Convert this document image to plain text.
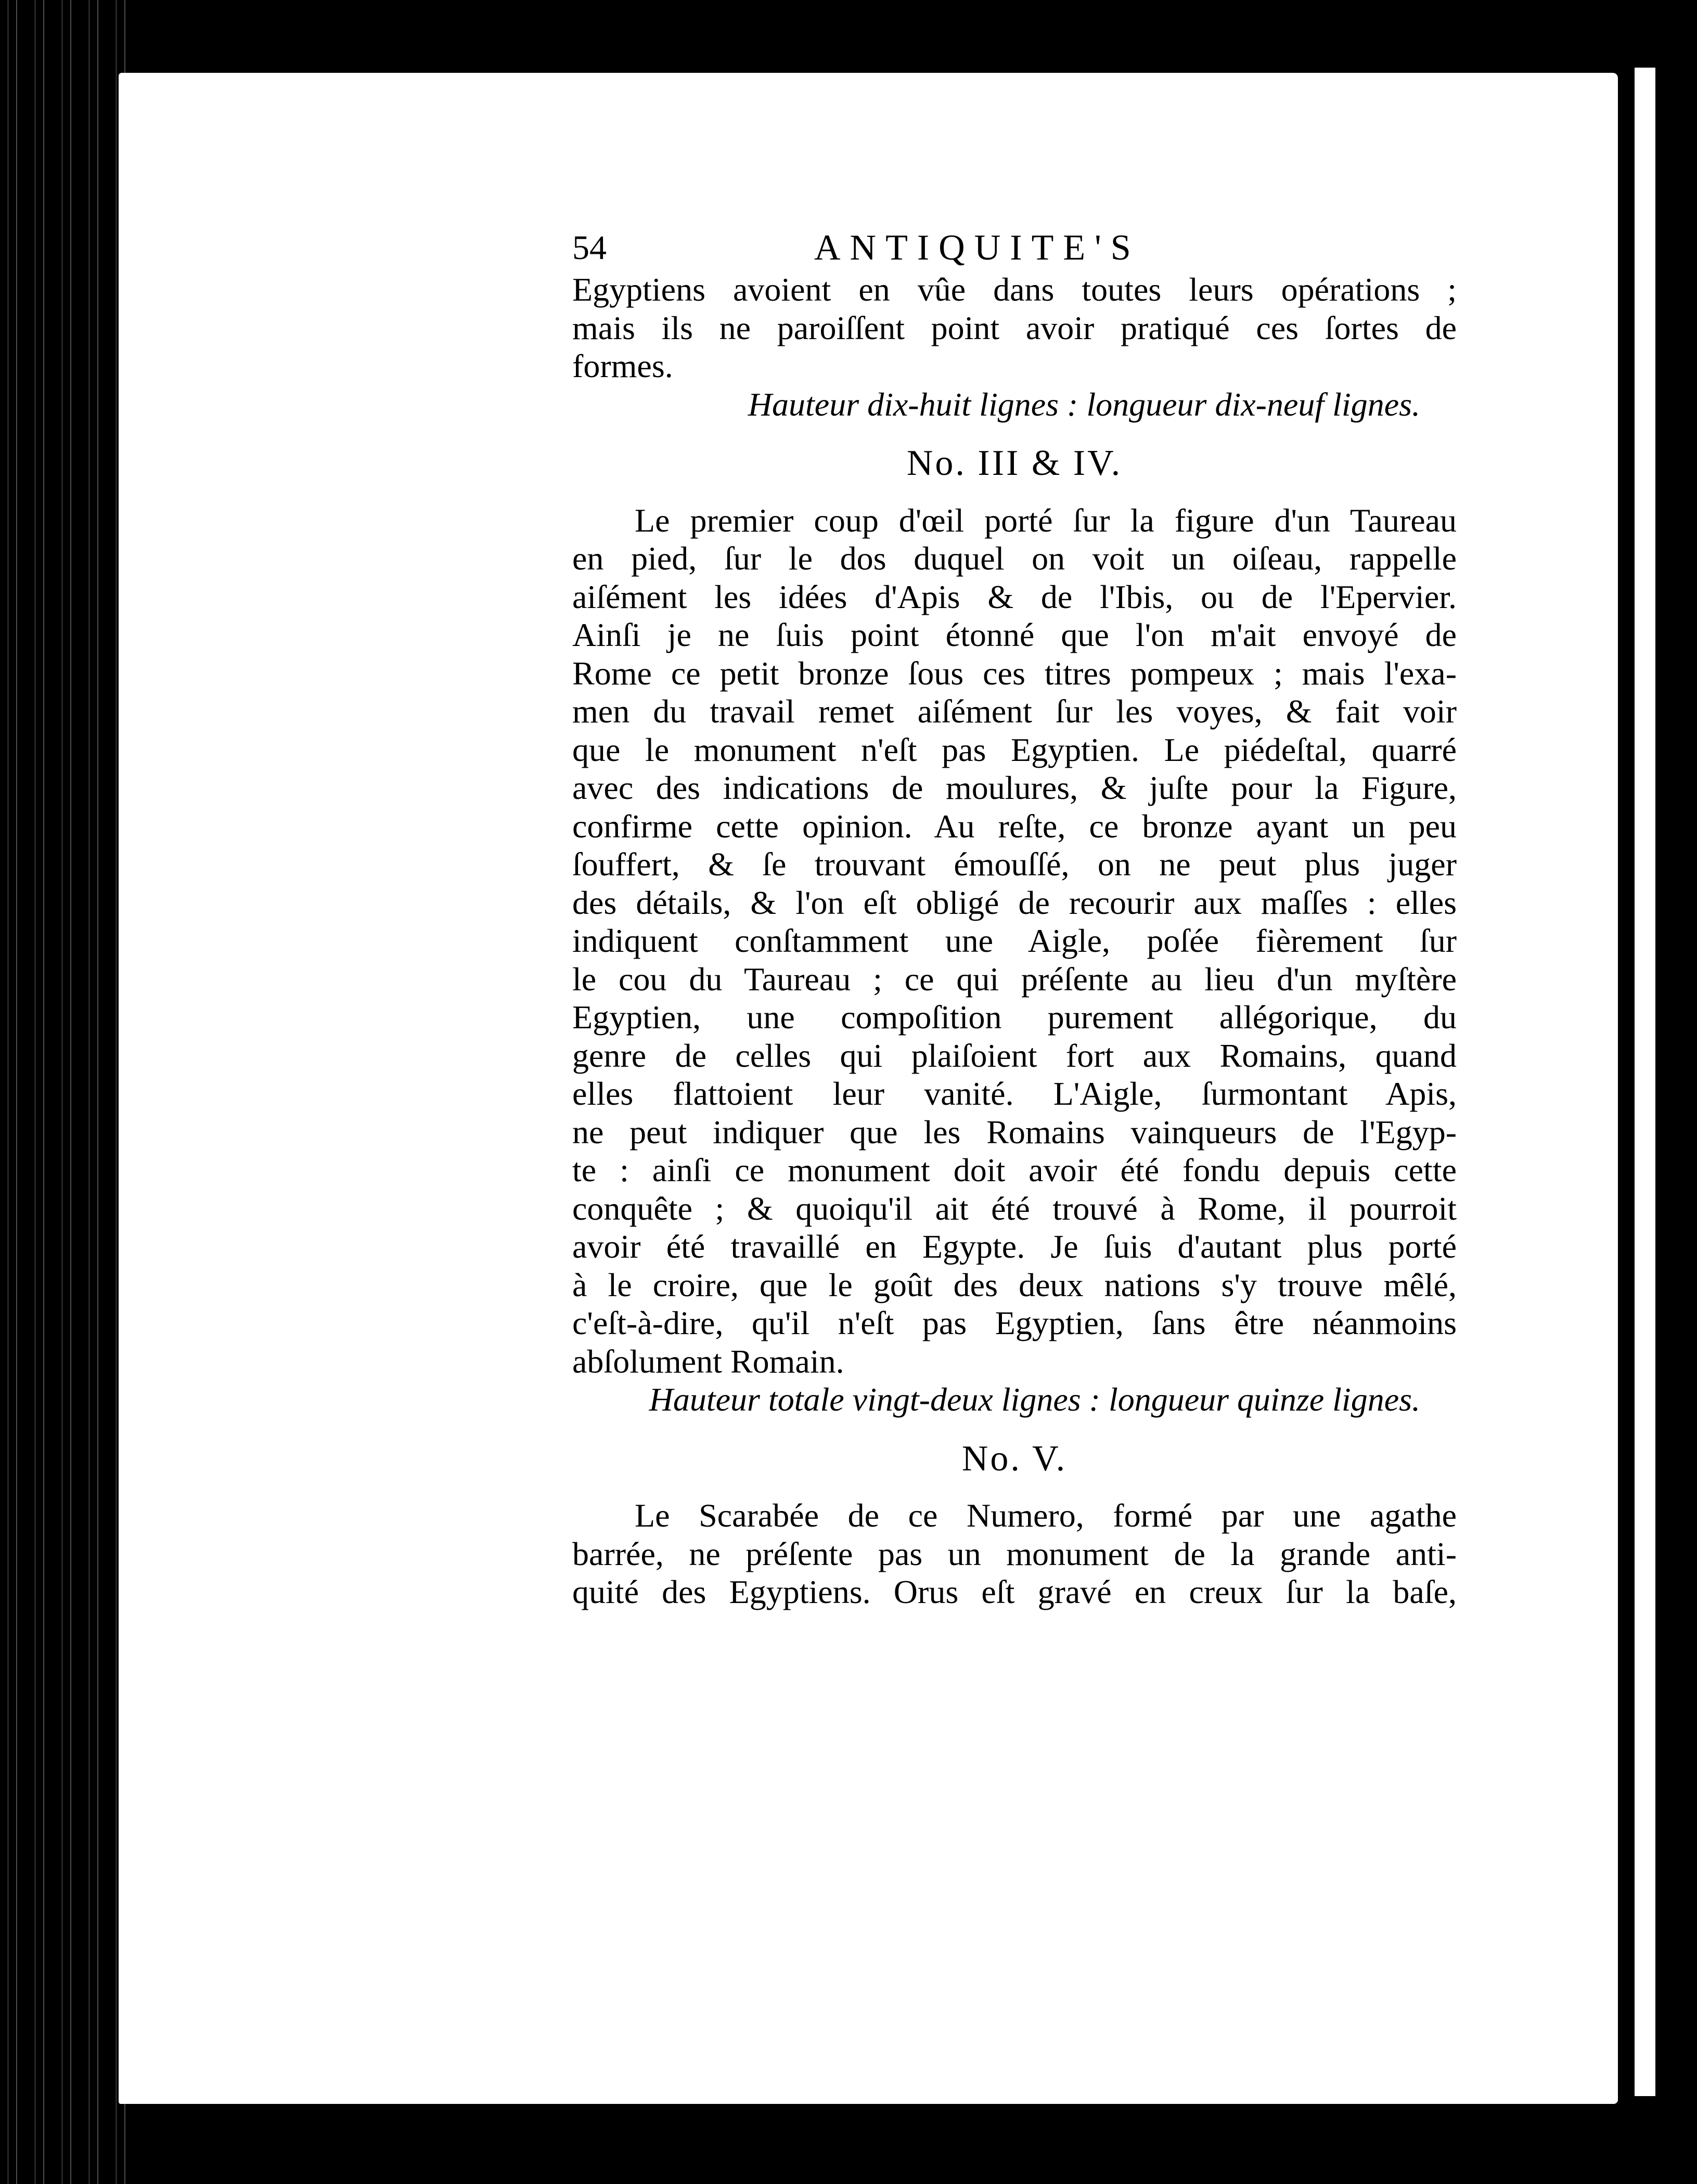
54	ANTIQUITE'S
Egyptiens avoient en vûe dans toutes leurs opérations ;
mais ils ne paroiſſent point avoir pratiqué ces ſortes de
formes.
Hauteur dix-huit lignes : longueur dix-neuf lignes.
No. III & IV.
Le premier coup d'œil porté ſur la figure d'un Taureau
en pied, ſur le dos duquel on voit un oiſeau, rappelle
aiſément les idées d'Apis & de l'Ibis, ou de l'Epervier.
Ainſi je ne ſuis point étonné que l'on m'ait envoyé de
Rome ce petit bronze ſous ces titres pompeux ; mais l'exa-
men du travail remet aiſément ſur les voyes, & fait voir
que le monument n'eſt pas Egyptien. Le piédeſtal, quarré
avec des indications de moulures, & juſte pour la Figure,
confirme cette opinion. Au reſte, ce bronze ayant un peu
ſouffert, & ſe trouvant émouſſé, on ne peut plus juger
des détails, & l'on eſt obligé de recourir aux maſſes : elles
indiquent conſtamment une Aigle, poſée fièrement ſur
le cou du Taureau ; ce qui préſente au lieu d'un myſtère
Egyptien, une compoſition purement allégorique, du
genre de celles qui plaiſoient fort aux Romains, quand
elles flattoient leur vanité. L'Aigle, ſurmontant Apis,
ne peut indiquer que les Romains vainqueurs de l'Egyp-
te : ainſi ce monument doit avoir été fondu depuis cette
conquête ; & quoiqu'il ait été trouvé à Rome, il pourroit
avoir été travaillé en Egypte. Je ſuis d'autant plus porté
à le croire, que le goût des deux nations s'y trouve mêlé,
c'eſt-à-dire, qu'il n'eſt pas Egyptien, ſans être néanmoins
abſolument Romain.
Hauteur totale vingt-deux lignes : longueur quinze lignes.
No. V.
Le Scarabée de ce Numero, formé par une agathe
barrée, ne préſente pas un monument de la grande anti-
quité des Egyptiens. Orus eſt gravé en creux ſur la baſe,
